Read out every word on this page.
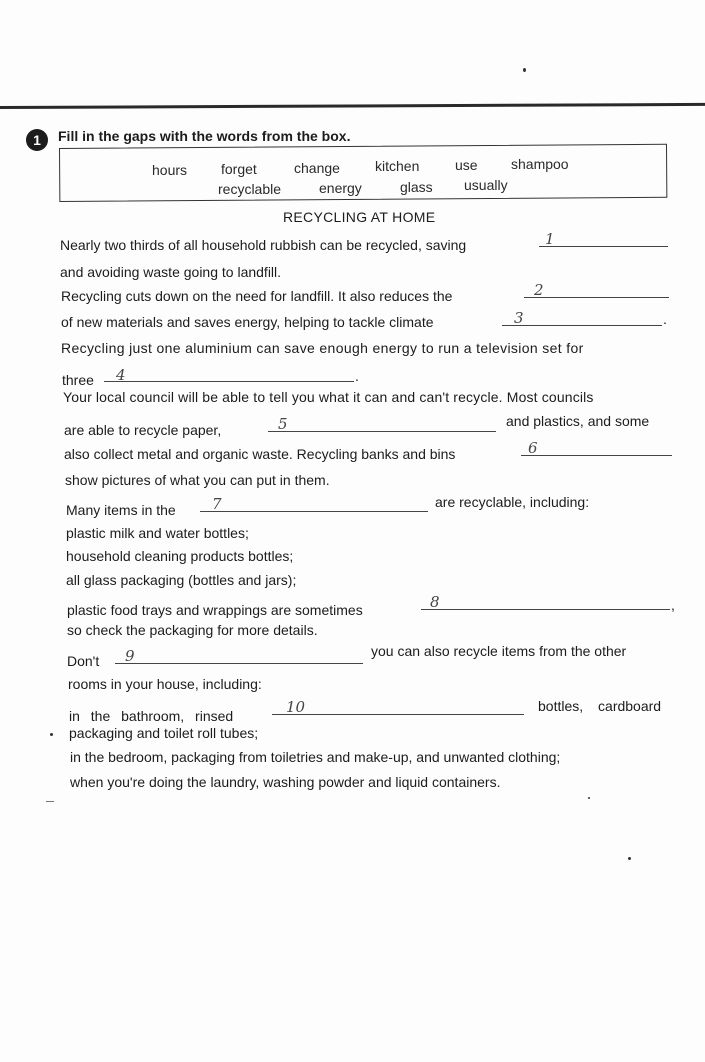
1	Fill in the gaps with the words from the box.
hours forget	change	kitchen	use shampoo
recyclable	energy	glass usually
RECYCLING AT HOME
Nearly two thirds of all household rubbish can be recycled, saving	1
and avoiding waste going to landfill.
Recycling cuts down on the need for landfill. It also reduces the	2
of new materials and saves energy, helping to tackle climate	3	.
Recycling just one aluminium can save enough energy to run a television set for
three 4	.
Your local council will be able to tell you what it can and can't recycle. Most councils
are able to recycle paper,	5	and plastics, and some
also collect metal and organic waste. Recycling banks and bins	6
show pictures of what you can put in them.
Many items in the 7	are recyclable, including:
plastic milk and water bottles;
household cleaning products bottles;
all glass packaging (bottles and jars);
plastic food trays and wrappings are sometimes	8	,
so check the packaging for more details.
Don't 9	you can also recycle items from the other
rooms in your house, including:
in the bathroom, rinsed	10	bottles, cardboard
packaging and toilet roll tubes;
in the bedroom, packaging from toiletries and make-up, and unwanted clothing;
when you're doing the laundry, washing powder and liquid containers.
